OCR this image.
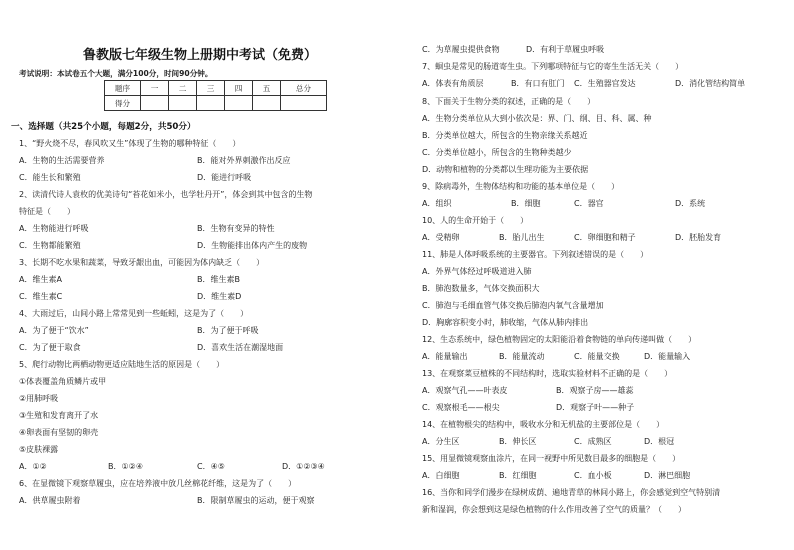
鲁教版七年级生物上册期中考试（免费）
考试说明：本试卷五个大题，满分100分，时间90分钟。
题序	一	二	三	四	五	总分
得分						
一、选择题（共25个小题，每题2分，共50分）
1、“野火烧不尽，春风吹又生”体现了生物的哪种特征（　　）
A．生物的生活需要营养	B．能对外界刺激作出反应
C．能生长和繁殖	D．能进行呼吸
2、读清代诗人袁枚的优美诗句“苔花如米小，也学牡丹开”，体会到其中包含的生物
特征是（　　）
A．生物能进行呼吸	B．生物有变异的特性
C．生物都能繁殖	D．生物能排出体内产生的废物
3、长期不吃水果和蔬菜，导致牙龈出血，可能因为体内缺乏（　　）
A．维生素A	B．维生素B
C．维生素C	D．维生素D
4、大雨过后，山间小路上常常见到一些蚯蚓，这是为了（　　）
A．为了便于“饮水”	B．为了便于呼吸
C．为了便于取食	D．喜欢生活在潮湿地面
5、爬行动物比两栖动物更适应陆地生活的原因是（　　）
①体表覆盖角质鳞片或甲
②用肺呼吸
③生殖和发育离开了水
④卵表面有坚韧的卵壳
⑤皮肤裸露
A．①②	B．①②④	C．④⑤	D．①②③④
6、在显微镜下观察草履虫，应在培养液中放几丝棉花纤维，这是为了（　　）
A．供草履虫附着	B．限制草履虫的运动，便于观察
C．为草履虫提供食物	D．有利于草履虫呼吸
7、蛔虫是常见的肠道寄生虫。下列哪项特征与它的寄生生活无关（　　）
A．体表有角质层	B．有口有肛门 C．生殖器官发达	D．消化管结构简单
8、下面关于生物分类的叙述，正确的是（　　）
A．生物分类单位从大到小依次是：界、门、纲、目、科、属、种
B．分类单位越大，所包含的生物亲缘关系越近
C．分类单位越小，所包含的生物种类越少
D．动物和植物的分类都以生理功能为主要依据
9、除病毒外，生物体结构和功能的基本单位是（　　）
A．组织	B．细胞	C．器官	D．系统
10、人的生命开始于（　　）
A．受精卵	B．胎儿出生	C．卵细胞和精子	D．胚胎发育
11、肺是人体呼吸系统的主要器官。下列叙述错误的是（　　）
A．外界气体经过呼吸道进入肺
B．肺泡数量多，气体交换面积大
C．肺泡与毛细血管气体交换后肺泡内氧气含量增加
D．胸廓容积变小时，肺收缩，气体从肺内排出
12、生态系统中，绿色植物固定的太阳能沿着食物链的单向传递叫做（　　）
A．能量输出	B．能量流动	C．能量交换	D．能量输入
13、在观察菜豆植株的不同结构时，选取实验材料不正确的是（　　）
A．观察气孔——叶表皮	B．观察子房——雄蕊
C．观察根毛——根尖	D．观察子叶——种子
14、在植物根尖的结构中，吸收水分和无机盐的主要部位是（　　）
A．分生区	B．伸长区	C．成熟区	D．根冠
15、用显微镜观察血涂片，在同一视野中所见数目最多的细胞是（　　）
A．白细胞	B．红细胞	C．血小板	D．淋巴细胞
16、当你和同学们漫步在绿树成荫、遍地青草的林间小路上，你会感觉到空气特别清
新和湿润，你会想到这是绿色植物的什么作用改善了空气的质量？（　　）
